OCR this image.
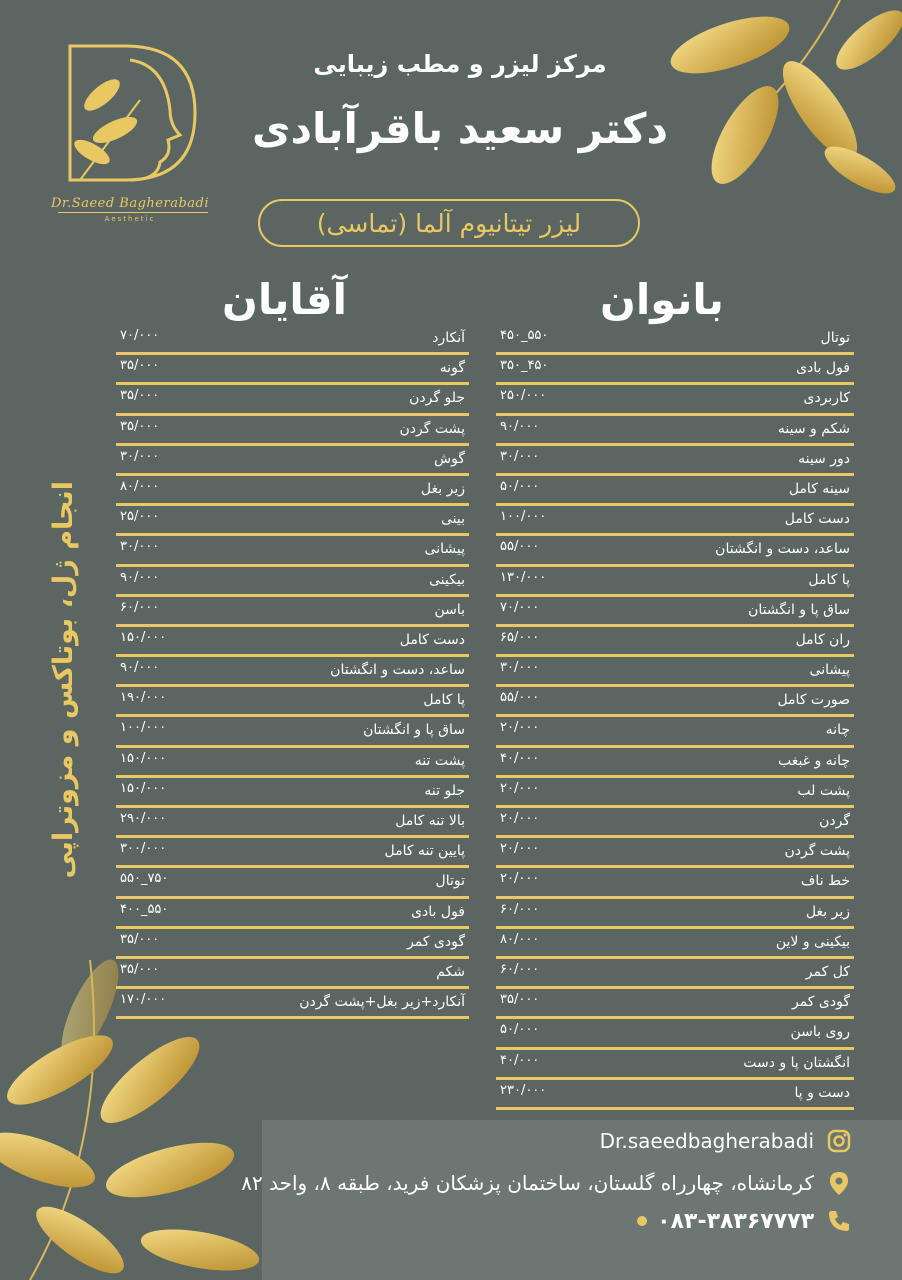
Dr.Saeed Bagherabadi
Aesthetic
مرکز لیزر و مطب زیبایی
دکتر سعید باقرآبادی
لیزر تیتانیوم آلما (تماسی)
بانوان
آقایان
توتال
۴۵۰_۵۵۰
فول بادی
۳۵۰_۴۵۰
کاربردی
۲۵۰/۰۰۰
شکم و سینه
۹۰/۰۰۰
دور سینه
۳۰/۰۰۰
سینه کامل
۵۰/۰۰۰
دست کامل
۱۰۰/۰۰۰
ساعد، دست و انگشتان
۵۵/۰۰۰
پا کامل
۱۳۰/۰۰۰
ساق پا و انگشتان
۷۰/۰۰۰
ران کامل
۶۵/۰۰۰
پیشانی
۳۰/۰۰۰
صورت کامل
۵۵/۰۰۰
چانه
۲۰/۰۰۰
چانه و غبغب
۴۰/۰۰۰
پشت لب
۲۰/۰۰۰
گردن
۲۰/۰۰۰
پشت گردن
۲۰/۰۰۰
خط ناف
۲۰/۰۰۰
زیر بغل
۶۰/۰۰۰
بیکینی و لاین
۸۰/۰۰۰
کل کمر
۶۰/۰۰۰
گودی کمر
۳۵/۰۰۰
روی باسن
۵۰/۰۰۰
انگشتان پا و دست
۴۰/۰۰۰
دست و پا
۲۳۰/۰۰۰
آنکارد
۷۰/۰۰۰
گونه
۳۵/۰۰۰
جلو گردن
۳۵/۰۰۰
پشت گردن
۳۵/۰۰۰
گوش
۳۰/۰۰۰
زیر بغل
۸۰/۰۰۰
بینی
۲۵/۰۰۰
پیشانی
۳۰/۰۰۰
بیکینی
۹۰/۰۰۰
باسن
۶۰/۰۰۰
دست کامل
۱۵۰/۰۰۰
ساعد، دست و انگشتان
۹۰/۰۰۰
پا کامل
۱۹۰/۰۰۰
ساق پا و انگشتان
۱۰۰/۰۰۰
پشت تنه
۱۵۰/۰۰۰
جلو تنه
۱۵۰/۰۰۰
بالا تنه کامل
۲۹۰/۰۰۰
پایین تنه کامل
۳۰۰/۰۰۰
توتال
۵۵۰_۷۵۰
فول بادی
۴۰۰_۵۵۰
گودی کمر
۳۵/۰۰۰
شکم
۳۵/۰۰۰
آنکارد+زیر بغل+پشت گردن
۱۷۰/۰۰۰
انجام ژل، بوتاکس و مزوتراپی
Dr.saeedbagherabadi
کرمانشاه، چهارراه گلستان، ساختمان پزشکان فرید، طبقه ۸، واحد ۸۲
۰۸۳-۳۸۳۶۷۷۷۳
